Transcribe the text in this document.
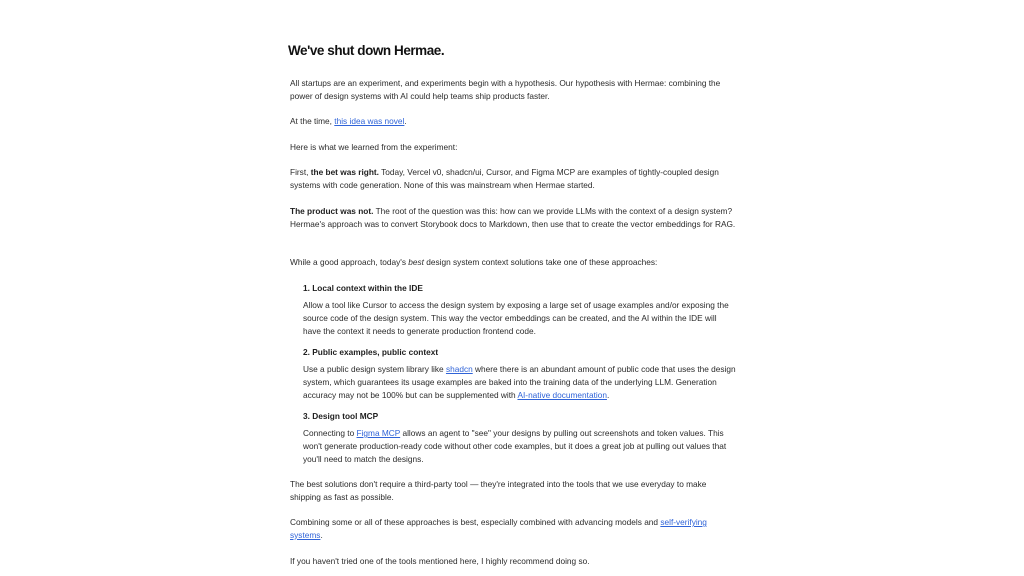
We've shut down Hermae.

All startups are an experiment, and experiments begin with a hypothesis. Our hypothesis with Hermae: combining the power of design systems with AI could help teams ship products faster.

At the time, this idea was novel.

Here is what we learned from the experiment:

First, the bet was right. Today, Vercel v0, shadcn/ui, Cursor, and Figma MCP are examples of tightly-coupled design systems with code generation. None of this was mainstream when Hermae started.

The product was not. The root of the question was this: how can we provide LLMs with the context of a design system? Hermae's approach was to convert Storybook docs to Markdown, then use that to create the vector embeddings for RAG.

While a good approach, today's best design system context solutions take one of these approaches:

1. Local context within the IDE

Allow a tool like Cursor to access the design system by exposing a large set of usage examples and/or exposing the source code of the design system. This way the vector embeddings can be created, and the AI within the IDE will have the context it needs to generate production frontend code.

2. Public examples, public context

Use a public design system library like shadcn where there is an abundant amount of public code that uses the design system, which guarantees its usage examples are baked into the training data of the underlying LLM. Generation accuracy may not be 100% but can be supplemented with AI-native documentation.

3. Design tool MCP

Connecting to Figma MCP allows an agent to "see" your designs by pulling out screenshots and token values. This won't generate production-ready code without other code examples, but it does a great job at pulling out values that you'll need to match the designs.

The best solutions don't require a third-party tool — they're integrated into the tools that we use everyday to make shipping as fast as possible.

Combining some or all of these approaches is best, especially combined with advancing models and self-verifying systems.

If you haven't tried one of the tools mentioned here, I highly recommend doing so.
